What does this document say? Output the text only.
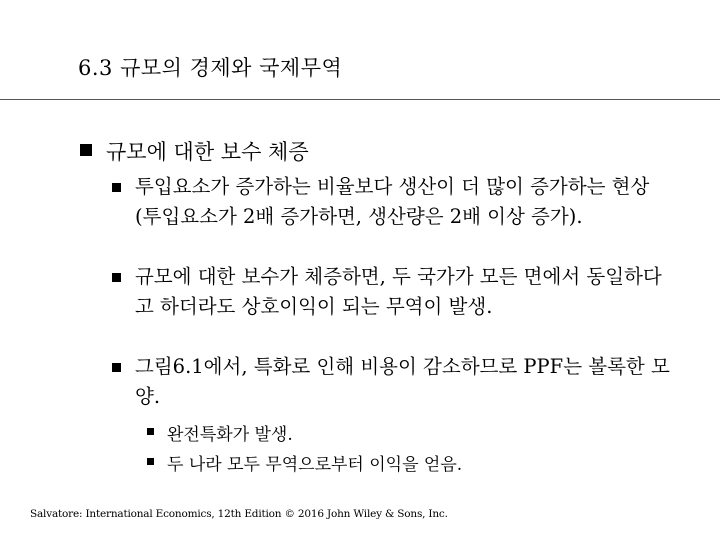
6.3 규모의 경제와 국제무역
규모에 대한 보수 체증
투입요소가 증가하는 비율보다 생산이 더 많이 증가하는 현상 (투입요소가 2배 증가하면, 생산량은 2배 이상 증가).
규모에 대한 보수가 체증하면, 두 국가가 모든 면에서 동일하다고 하더라도 상호이익이 되는 무역이 발생.
그림6.1에서, 특화로 인해 비용이 감소하므로 PPF는 볼록한 모양.
완전특화가 발생.
두 나라 모두 무역으로부터 이익을 얻음.
Salvatore: International Economics, 12th Edition © 2016 John Wiley & Sons, Inc.
